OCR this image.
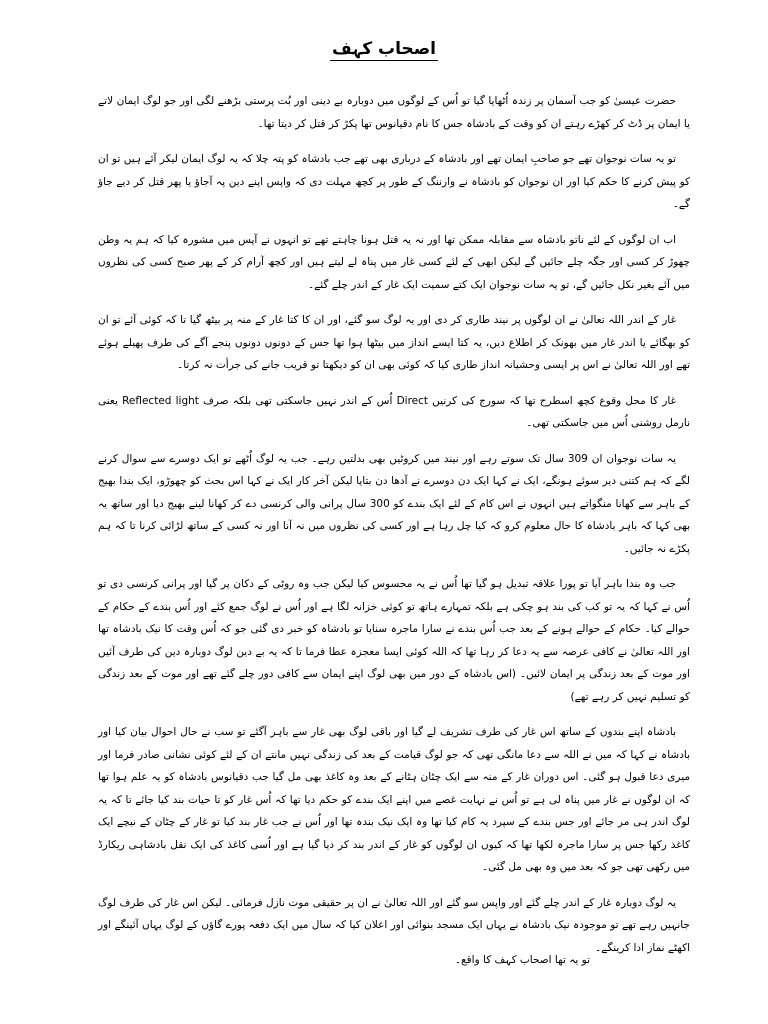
اصحاب کہف

حضرت عیسیٰ کو جب آسمان پر زندہ اُٹھایا گیا تو اُس کے لوگوں میں دوبارہ بے دینی اور بُت پرستی بڑھنے لگی اور جو لوگ ایمان لاتے یا ایمان پر ڈٹ کر کھڑے رہتے ان کو وقت کے بادشاہ جس کا نام دقیانوس تھا پکڑ کر قتل کر دیتا تھا۔

تو یہ سات نوجوان تھے جو صاحبِ ایمان تھے اور بادشاہ کے درباری بھی تھے جب بادشاہ کو پتہ چلا کہ یہ لوگ ایمان لیکر آئے ہیں تو ان کو پیش کرنے کا حکم کیا اور ان نوجوان کو بادشاہ نے وارننگ کے طور پر کچھ مہلت دی کہ واپس اپنے دین پہ آجاؤ یا پھر قتل کر دیے جاؤ گے۔

اب ان لوگوں کے لئے ناتو بادشاہ سے مقابلہ ممکن تھا اور نہ یہ قتل ہونا چاہتے تھے تو انہوں نے آپس میں مشورہ کیا کہ ہم یہ وطن چھوڑ کر کسی اور جگہ چلے جائیں گے لیکن ابھی کے لئے کسی غار میں پناہ لے لیتے ہیں اور کچھ آرام کر کے پھر صبح کسی کی نظروں میں آئے بغیر نکل جائیں گے، تو یہ سات نوجوان ایک کتے سمیت ایک غار کے اندر چلے گئے۔

غار کے اندر اللہ تعالیٰ نے ان لوگوں پر نیند طاری کر دی اور یہ لوگ سو گئے، اور ان کا کتا غار کے منہ پر بیٹھ گیا تا کہ کوئی آئے تو ان کو بھگائے یا اندر غار میں بھونک کر اطلاع دیں، یہ کتا ایسے انداز میں بیٹھا ہوا تھا جس کے دونوں دونوں پنجے آگے کی طرف پھیلے ہوئے تھے اور اللہ تعالیٰ نے اس پر ایسی وحشیانہ انداز طاری کیا کہ کوئی بھی ان کو دیکھتا تو قریب جانے کی جرأت نہ کرتا۔

غار کا محل وقوع کچھ اسطرح تھا کہ سورج کی کرنیں Direct اُس کے اندر نہیں جاسکتی تھی بلکہ صرف Reflected light یعنی نارمل روشنی اُس میں جاسکتی تھی۔

یہ سات نوجوان ان 309 سال تک سوتے رہے اور نیند میں کروٹیں بھی بدلتیں رہے۔ جب یہ لوگ اُٹھے تو ایک دوسرے سے سوال کرنے لگے کہ ہم کتنی دیر سوئے ہونگے، ایک نے کہا ایک دن دوسرے نے آدھا دن بتایا لیکن آخر کار ایک نے کہا اس بحث کو چھوڑو، ایک بندا بھیج کے باہر سے کھانا منگواتے ہیں انہوں نے اس کام کے لئے ایک بندے کو 300 سال پرانی والی کرنسی دے کر کھانا لینے بھیج دیا اور ساتھ یہ بھی کہا کہ باہر بادشاہ کا حال معلوم کرو کہ کیا چل رہا ہے اور کسی کی نظروں میں نہ آنا اور نہ کسی کے ساتھ لڑائی کرنا تا کہ ہم پکڑے نہ جائیں۔

جب وہ بندا باہر آیا تو پورا علاقہ تبدیل ہو گیا تھا اُس نے یہ محسوس کیا لیکن جب وہ روٹی کے دکان پر گیا اور پرانی کرنسی دی تو اُس نے کہا کہ یہ تو کب کی بند ہو چکی ہے بلکہ تمہارے ہاتھ تو کوئی خزانہ لگا ہے اور اُس نے لوگ جمع کئے اور اُس بندے کے حکام کے حوالے کیا۔ حکام کے حوالے ہونے کے بعد جب اُس بندے نے سارا ماجرہ سنایا تو بادشاہ کو خبر دی گئی جو کہ اُس وقت کا نیک بادشاہ تھا اور اللہ تعالیٰ نے کافی عرصہ سے یہ دعا کر رہا تھا کہ اللہ کوئی ایسا معجزہ عطا فرما تا کہ یہ بے دین لوگ دوبارہ دین کی طرف آئیں اور موت کے بعد زندگی پر ایمان لائیں۔ (اس بادشاہ کے دور میں بھی لوگ اپنے ایمان سے کافی دور چلے گئے تھے اور موت کے بعد زندگی کو تسلیم نہیں کر رہے تھے)

بادشاہ اپنے بندوں کے ساتھ اس غار کی طرف تشریف لے گیا اور باقی لوگ بھی غار سے باہر آگئے تو سب نے حال احوال بیان کیا اور بادشاہ نے کہا کہ میں نے اللہ سے دعا مانگی تھی کہ جو لوگ قیامت کے بعد کی زندگی نہیں مانتے ان کے لئے کوئی نشانی صادر فرما اور میری دعا قبول ہو گئی۔ اس دوران غار کے منہ سے ایک چٹان ہٹانے کے بعد وہ کاغذ بھی مل گیا جب دقیانوس بادشاہ کو یہ علم ہوا تھا کہ ان لوگوں نے غار میں پناہ لی ہے تو اُس نے نہایت غصے میں اپنے ایک بندے کو حکم دیا تھا کہ اُس غار کو تا حیات بند کیا جائے تا کہ یہ لوگ اندر ہی مر جائے اور جس بندے کے سپرد یہ کام کیا تھا وہ ایک نیک بندہ تھا اور اُس نے جب غار بند کیا تو غار کے چٹان کے نیچے ایک کاغذ رکھا جس پر سارا ماجرہ لکھا تھا کہ کیوں ان لوگوں کو غار کے اندر بند کر دیا گیا ہے اور اُسی کاغذ کی ایک نقل بادشاہی ریکارڈ میں رکھی تھی جو کہ بعد میں وہ بھی مل گئی۔

یہ لوگ دوبارہ غار کے اندر چلے گئے اور واپس سو گئے اور اللہ تعالیٰ نے ان پر حقیقی موت نازل فرمائی۔ لیکن اس غار کی طرف لوگ جانہیں رہے تھے تو موجودہ نیک بادشاہ نے یہاں ایک مسجد بنوائی اور اعلان کیا کہ سال میں ایک دفعہ پورے گاؤں کے لوگ یہاں آئینگے اور اکھٹے نماز ادا کرینگے۔

تو یہ تھا اصحاب کہف کا واقع۔
